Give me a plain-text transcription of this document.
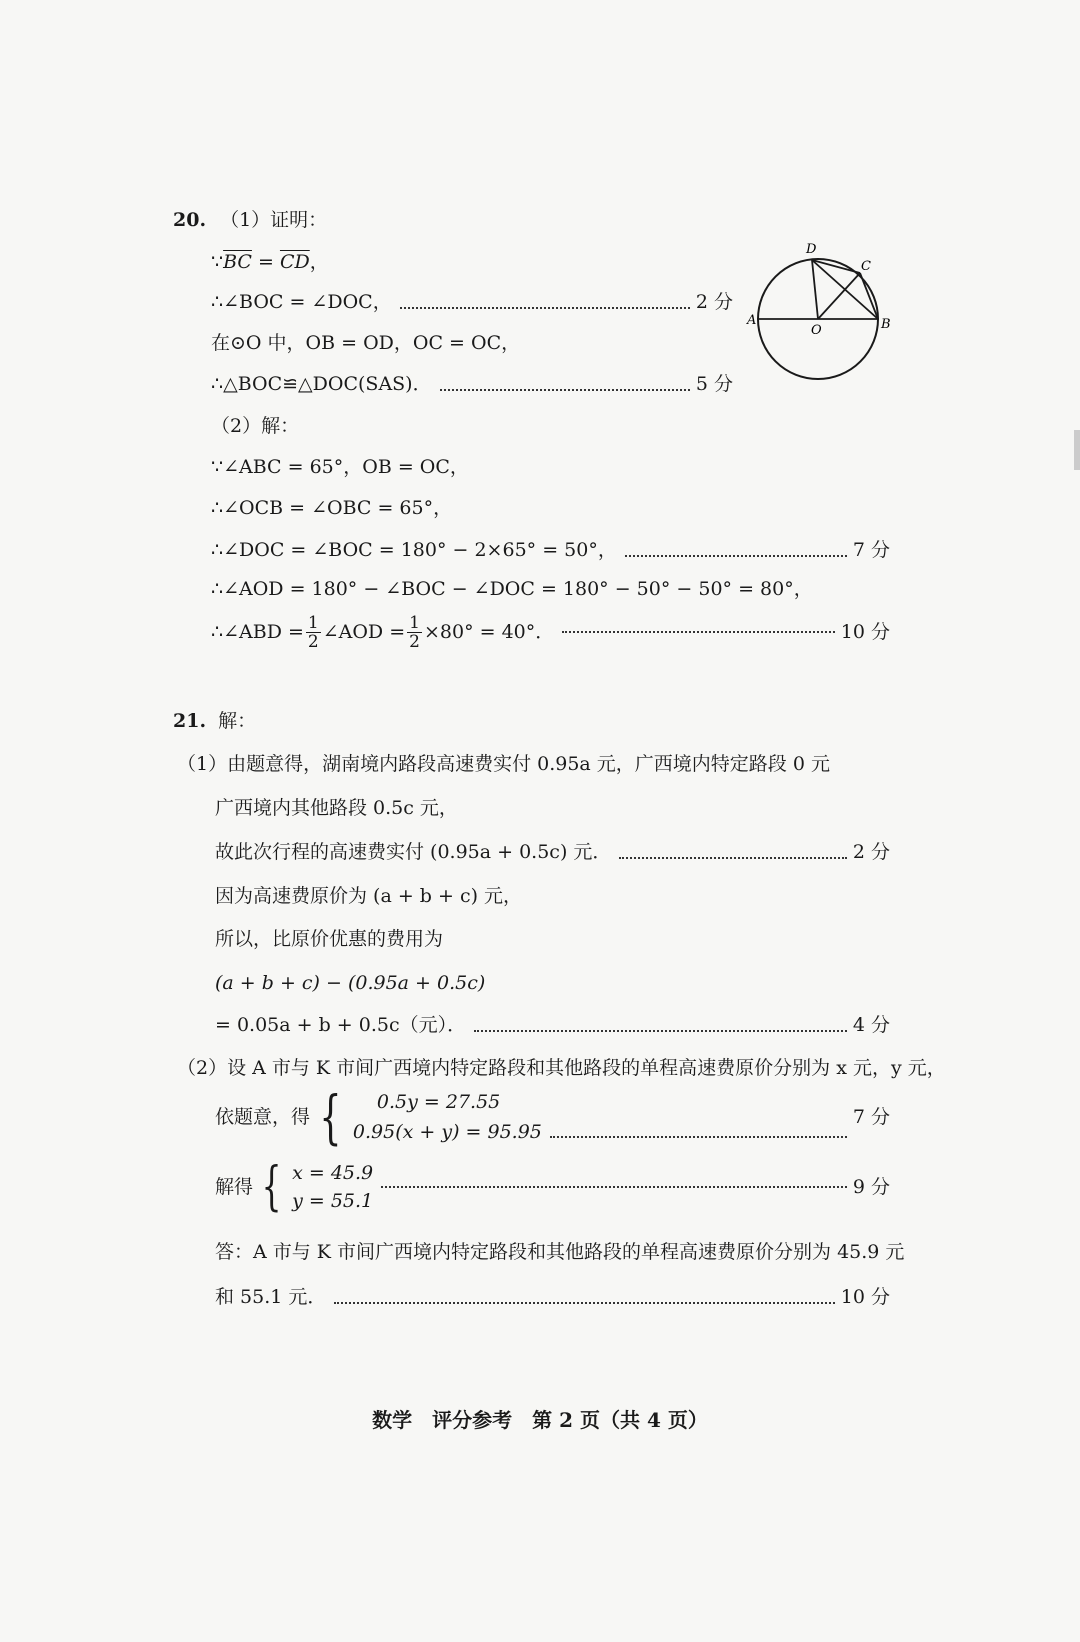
20. （1）证明：
∵ $\overline{BC} = \overline{CD}$ ，
∴∠BOC = ∠DOC，	2 分
在⊙O 中，OB = OD，OC = OC，
∴△BOC≌△DOC(SAS)．	5 分
（2）解：
∵∠ABC = 65°，OB = OC，
∴∠OCB = ∠OBC = 65°，
∴∠DOC = ∠BOC = 180° − 2×65° = 50°，	7 分
∴∠AOD = 180° − ∠BOC − ∠DOC = 180° − 50° − 50° = 80°，
∴∠ABD = $\frac{1}{2}$ ∠AOD = $\frac{1}{2} \times 80^\circ = 40^\circ$．	10 分
D
C
A
O	B
21. 解：
（1）由题意得，湖南境内路段高速费实付 0.95a 元，广西境内特定路段 0 元
广西境内其他路段 0.5c 元，
故此次行程的高速费实付 (0.95a + 0.5c) 元．	2 分
因为高速费原价为 (a + b + c) 元，
所以，比原价优惠的费用为
(a + b + c) − (0.95a + 0.5c)
= 0.05a + b + 0.5c（元）．	4 分
（2）设 A 市与 K 市间广西境内特定路段和其他路段的单程高速费原价分别为 x 元，y 元，
依题意，得 {	0.5y = 27.55
0.95(x + y) = 95.95
7 分
解得 { x = 45.9
y = 55.1
9 分
答：A 市与 K 市间广西境内特定路段和其他路段的单程高速费原价分别为 45.9 元
和 55.1 元．	10 分
数学　评分参考　第 2 页（共 4 页）
